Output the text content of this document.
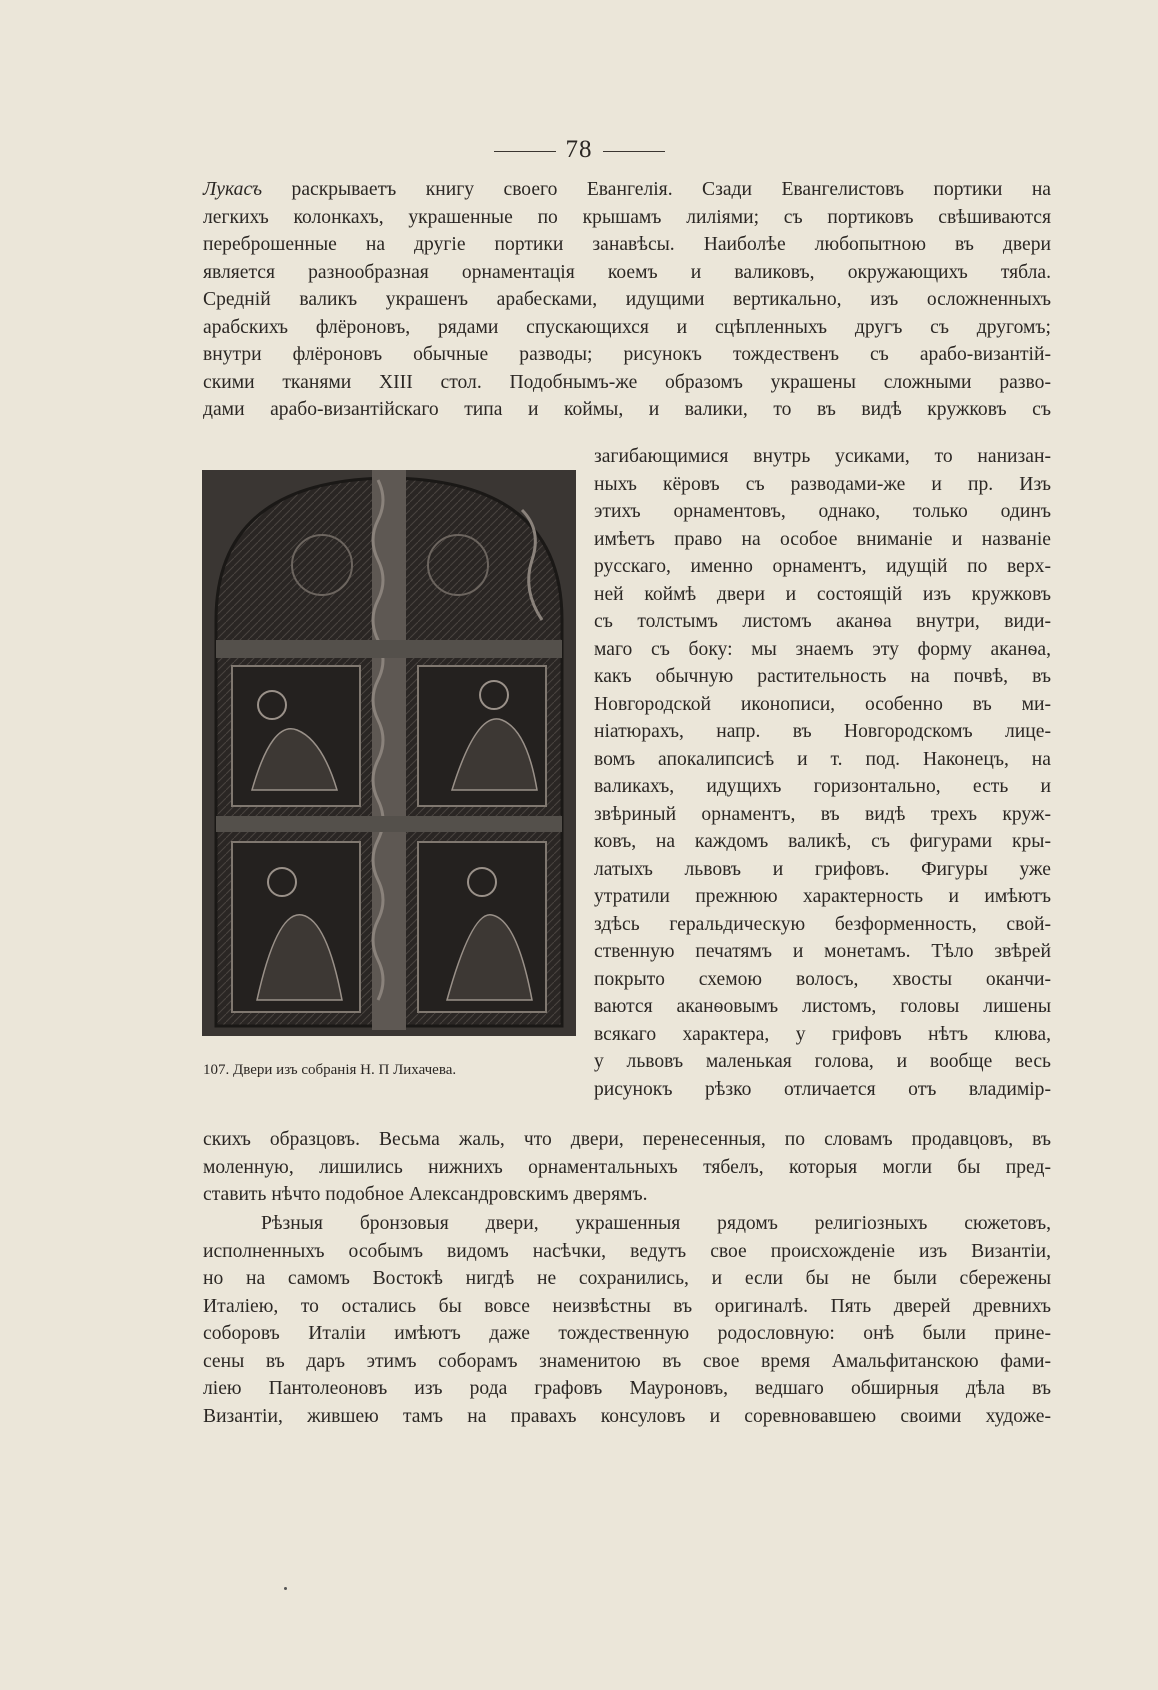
78
Лукасъ раскрываетъ книгу своего Евангелія. Сзади Евангелистовъ портики на
легкихъ колонкахъ, украшенные по крышамъ лиліями; съ портиковъ свѣшиваются
переброшенные на другіе портики занавѣсы. Наиболѣе любопытною въ двери
является разнообразная орнаментація коемъ и валиковъ, окружающихъ тябла.
Средній валикъ украшенъ арабесками, идущими вертикально, изъ осложненныхъ
арабскихъ флёроновъ, рядами спускающихся и сцѣпленныхъ другъ съ другомъ;
внутри флёроновъ обычные разводы; рисунокъ тождественъ съ арабо-византій-
скими тканями XIII стол. Подобнымъ-же образомъ украшены сложными разво-
дами арабо-византійскаго типа и коймы, и валики, то въ видѣ кружковъ съ
загибающимися внутрь усиками, то нанизан-
ныхъ кёровъ съ разводами-же и пр. Изъ
этихъ орнаментовъ, однако, только одинъ
имѣетъ право на особое вниманіе и названіе
русскаго, именно орнаментъ, идущій по верх-
ней коймѣ двери и состоящій изъ кружковъ
съ толстымъ листомъ аканѳа внутри, види-
маго съ боку: мы знаемъ эту форму аканѳа,
какъ обычную растительность на почвѣ, въ
Новгородской иконописи, особенно въ ми-
ніатюрахъ, напр. въ Новгородскомъ лицe-
вомъ апокалипсисѣ и т. под. Наконецъ, на
валикахъ, идущихъ горизонтально, есть и
звѣриный орнаментъ, въ видѣ трехъ круж-
ковъ, на каждомъ валикѣ, съ фигурами кры-
латыхъ львовъ и грифовъ. Фигуры уже
утратили прежнюю характерность и имѣютъ
здѣсь геральдическую безформенность, свой-
ственную печатямъ и монетамъ. Тѣло звѣрей
покрыто схемою волосъ, хвосты оканчи-
ваются аканѳовымъ листомъ, головы лишены
всякаго характера, у грифовъ нѣтъ клюва,
у львовъ маленькая голова, и вообще весь
рисунокъ рѣзко отличается отъ владимір-
107. Двери изъ собранія Н. П Лихачева.
скихъ образцовъ. Весьма жаль, что двери, перенесенныя, по словамъ продавцовъ, въ
моленную, лишились нижнихъ орнаментальныхъ тябелъ, которыя могли бы пред-
ставить нѣчто подобное Александровскимъ дверямъ.
Рѣзныя бронзовыя двери, украшенныя рядомъ религіозныхъ сюжетовъ,
исполненныхъ особымъ видомъ насѣчки, ведутъ свое происхожденіе изъ Византіи,
но на самомъ Востокѣ нигдѣ не сохранились, и если бы не были сбережены
Италіею, то остались бы вовсе неизвѣстны въ оригиналѣ. Пять дверей древнихъ
соборовъ Италіи имѣютъ даже тождественную родословную: онѣ были прине-
сены въ даръ этимъ соборамъ знаменитою въ свое время Амальфитанскою фами-
ліею Пантолеоновъ изъ рода графовъ Мауроновъ, ведшаго обширныя дѣла въ
Византіи, жившею тамъ на правахъ консуловъ и соревновавшею своими художе-
